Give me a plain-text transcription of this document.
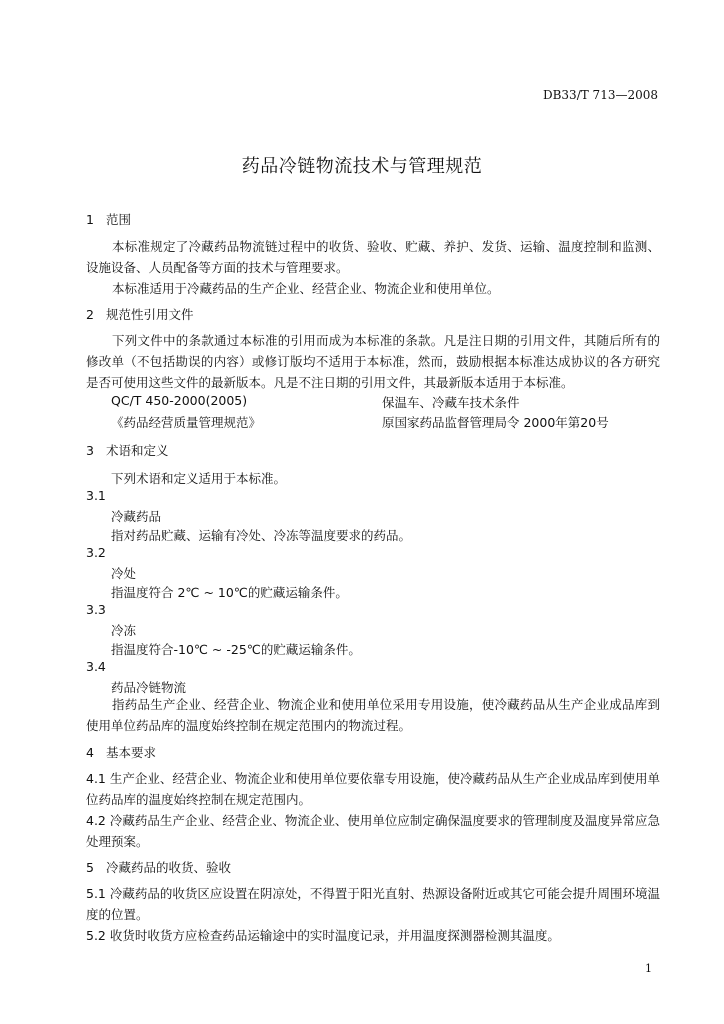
DB33/T 713—2008
药品冷链物流技术与管理规范
1 范围

本标准规定了冷藏药品物流链过程中的收货、验收、贮藏、养护、发货、运输、温度控制和监测、设施设备、人员配备等方面的技术与管理要求。

本标准适用于冷藏药品的生产企业、经营企业、物流企业和使用单位。

2 规范性引用文件

下列文件中的条款通过本标准的引用而成为本标准的条款。凡是注日期的引用文件，其随后所有的修改单（不包括勘误的内容）或修订版均不适用于本标准，然而，鼓励根据本标准达成协议的各方研究是否可使用这些文件的最新版本。凡是不注日期的引用文件，其最新版本适用于本标准。

QC/T 450-2000(2005)	保温车、冷藏车技术条件
《药品经营质量管理规范》	原国家药品监督管理局令 2000年第20号
3 术语和定义
下列术语和定义适用于本标准。
3.1
冷藏药品
指对药品贮藏、运输有冷处、冷冻等温度要求的药品。
3.2
冷处
指温度符合 2℃ ~ 10℃的贮藏运输条件。
3.3
冷冻
指温度符合-10℃ ~ -25℃的贮藏运输条件。
3.4
药品冷链物流

指药品生产企业、经营企业、物流企业和使用单位采用专用设施，使冷藏药品从生产企业成品库到使用单位药品库的温度始终控制在规定范围内的物流过程。

4 基本要求

4.1 生产企业、经营企业、物流企业和使用单位要依靠专用设施，使冷藏药品从生产企业成品库到使用单位药品库的温度始终控制在规定范围内。

4.2 冷藏药品生产企业、经营企业、物流企业、使用单位应制定确保温度要求的管理制度及温度异常应急处理预案。

5 冷藏药品的收货、验收

5.1 冷藏药品的收货区应设置在阴凉处，不得置于阳光直射、热源设备附近或其它可能会提升周围环境温度的位置。

5.2 收货时收货方应检查药品运输途中的实时温度记录，并用温度探测器检测其温度。

1
